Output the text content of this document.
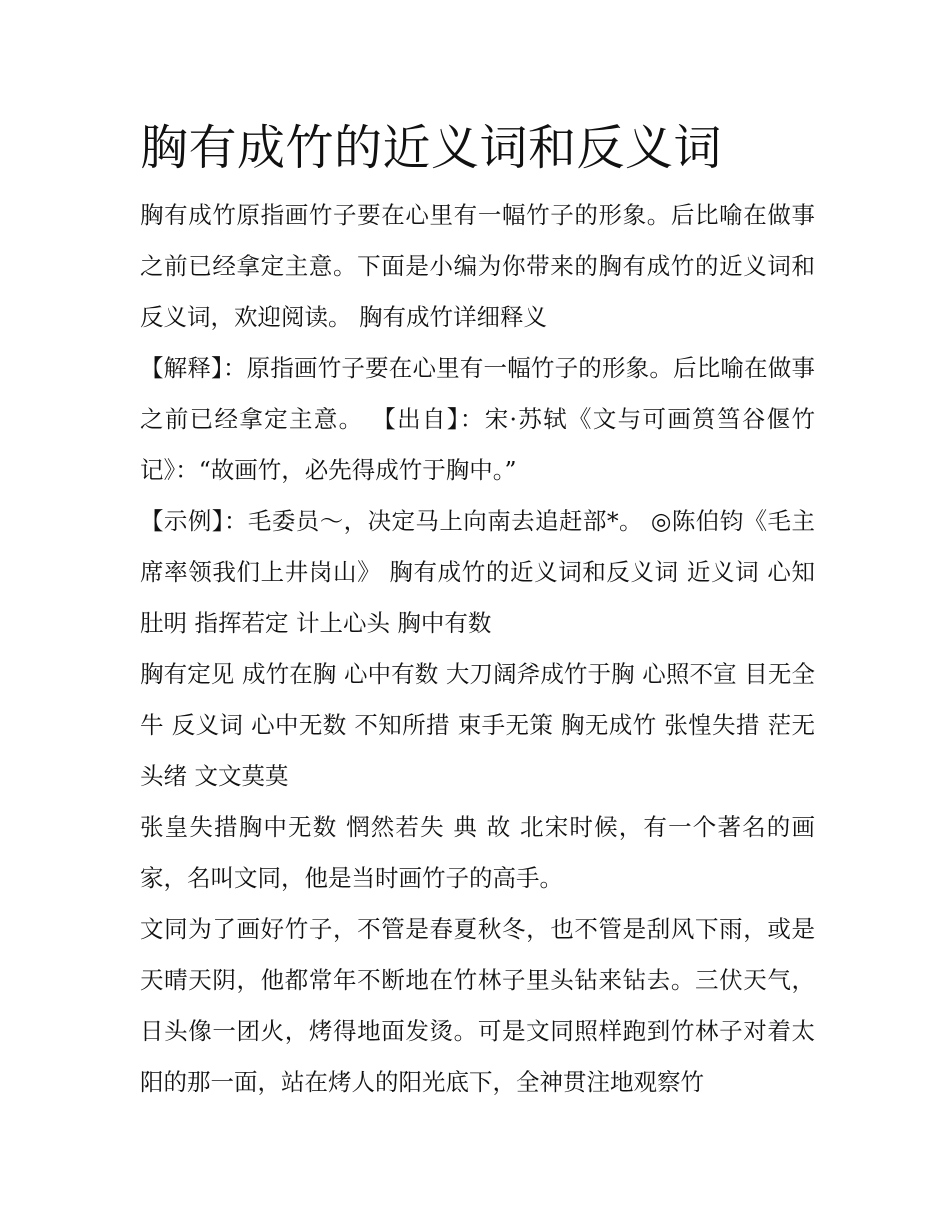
胸有成竹的近义词和反义词

胸有成竹原指画竹子要在心里有一幅竹子的形象。后比喻在做事之前已经拿定主意。下面是小编为你带来的胸有成竹的近义词和反义词，欢迎阅读。 胸有成竹详细释义

【解释】：原指画竹子要在心里有一幅竹子的形象。后比喻在做事之前已经拿定主意。 【出自】：宋·苏轼《文与可画筼筜谷偃竹记》：“故画竹，必先得成竹于胸中。”

【示例】：毛委员～，决定马上向南去追赶部*。 ◎陈伯钧《毛主席率领我们上井岗山》 胸有成竹的近义词和反义词 近义词 心知肚明 指挥若定 计上心头 胸中有数

胸有定见 成竹在胸 心中有数 大刀阔斧成竹于胸 心照不宣 目无全牛 反义词 心中无数 不知所措 束手无策 胸无成竹 张惶失措 茫无头绪 文文莫莫

张皇失措胸中无数 惘然若失 典 故 北宋时候，有一个著名的画家，名叫文同，他是当时画竹子的高手。

文同为了画好竹子，不管是春夏秋冬，也不管是刮风下雨，或是天晴天阴，他都常年不断地在竹林子里头钻来钻去。三伏天气，日头像一团火，烤得地面发烫。可是文同照样跑到竹林子对着太阳的那一面，站在烤人的阳光底下，全神贯注地观察竹
